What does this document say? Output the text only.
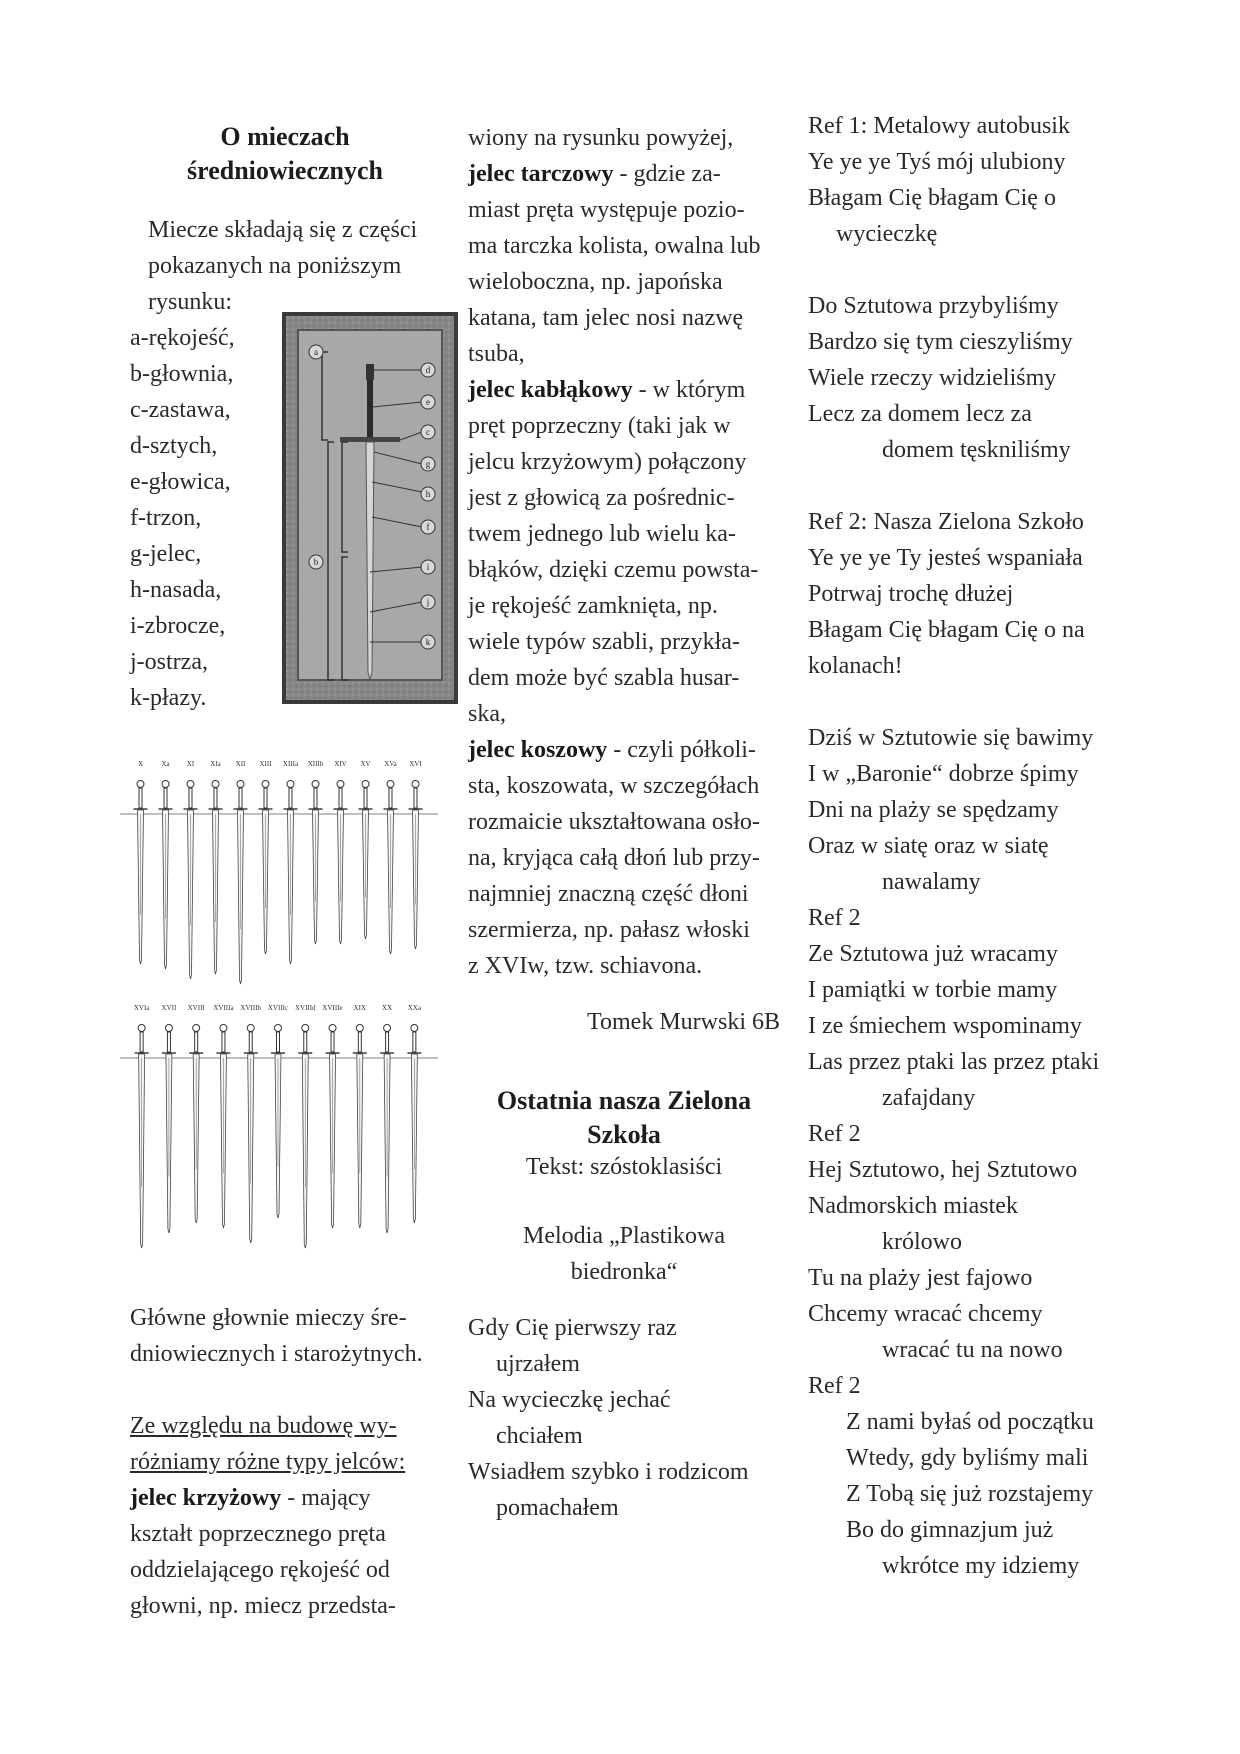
O mieczach
średniowiecznych
Miecze składają się z części
pokazanych na poniższym
rysunku:
a-rękojeść,
b-głownia,
c-zastawa,
d-sztych,
e-głowica,
f-trzon,
g-jelec,
h-nasada,
i-zbrocze,
j-ostrza,
k-płazy.
a
d
e
c
g
h
f
i
j
k
b
X	Xa XI XIa XII XIII XIIIa XIIIb XIV XV XVa XVI
XVIa XVII XVIII XVIIIa XVIIIb XVIIIc XVIIId XVIIIe XIX XX XXa
Główne głownie mieczy śre-
dniowiecznych i starożytnych.
Ze względu na budowę wy-
różniamy różne typy jelców:
jelec krzyżowy - mający
kształt poprzecznego pręta
oddzielającego rękojeść od
głowni, np. miecz przedsta-
wiony na rysunku powyżej,
jelec tarczowy - gdzie za-
miast pręta występuje pozio-
ma tarczka kolista, owalna lub
wieloboczna, np. japońska
katana, tam jelec nosi nazwę
tsuba,
jelec kabłąkowy - w którym
pręt poprzeczny (taki jak w
jelcu krzyżowym) połączony
jest z głowicą za pośrednic-
twem jednego lub wielu ka-
błąków, dzięki czemu powsta-
je rękojeść zamknięta, np.
wiele typów szabli, przykła-
dem może być szabla husar-
ska,
jelec koszowy - czyli półkoli-
sta, koszowata, w szczegółach
rozmaicie ukształtowana osło-
na, kryjąca całą dłoń lub przy-
najmniej znaczną część dłoni
szermierza, np. pałasz włoski
z XVIw, tzw. schiavona.
Tomek Murwski 6B
Ostatnia nasza Zielona
Szkoła
Tekst: szóstoklasiści
Melodia „Plastikowa
biedronka“
Gdy Cię pierwszy raz
ujrzałem
Na wycieczkę jechać
chciałem
Wsiadłem szybko i rodzicom
pomachałem
Ref 1: Metalowy autobusik
Ye ye ye Tyś mój ulubiony
Błagam Cię błagam Cię o
wycieczkę
Do Sztutowa przybyliśmy
Bardzo się tym cieszyliśmy
Wiele rzeczy widzieliśmy
Lecz za domem lecz za
domem tęskniliśmy
Ref 2: Nasza Zielona Szkoło
Ye ye ye Ty jesteś wspaniała
Potrwaj trochę dłużej
Błagam Cię błagam Cię o na
kolanach!
Dziś w Sztutowie się bawimy
I w „Baronie“ dobrze śpimy
Dni na plaży se spędzamy
Oraz w siatę oraz w siatę
nawalamy
Ref 2
Ze Sztutowa już wracamy
I pamiątki w torbie mamy
I ze śmiechem wspominamy
Las przez ptaki las przez ptaki
zafajdany
Ref 2
Hej Sztutowo, hej Sztutowo
Nadmorskich miastek
królowo
Tu na plaży jest fajowo
Chcemy wracać chcemy
wracać tu na nowo
Ref 2
Z nami byłaś od początku
Wtedy, gdy byliśmy mali
Z Tobą się już rozstajemy
Bo do gimnazjum już
wkrótce my idziemy
